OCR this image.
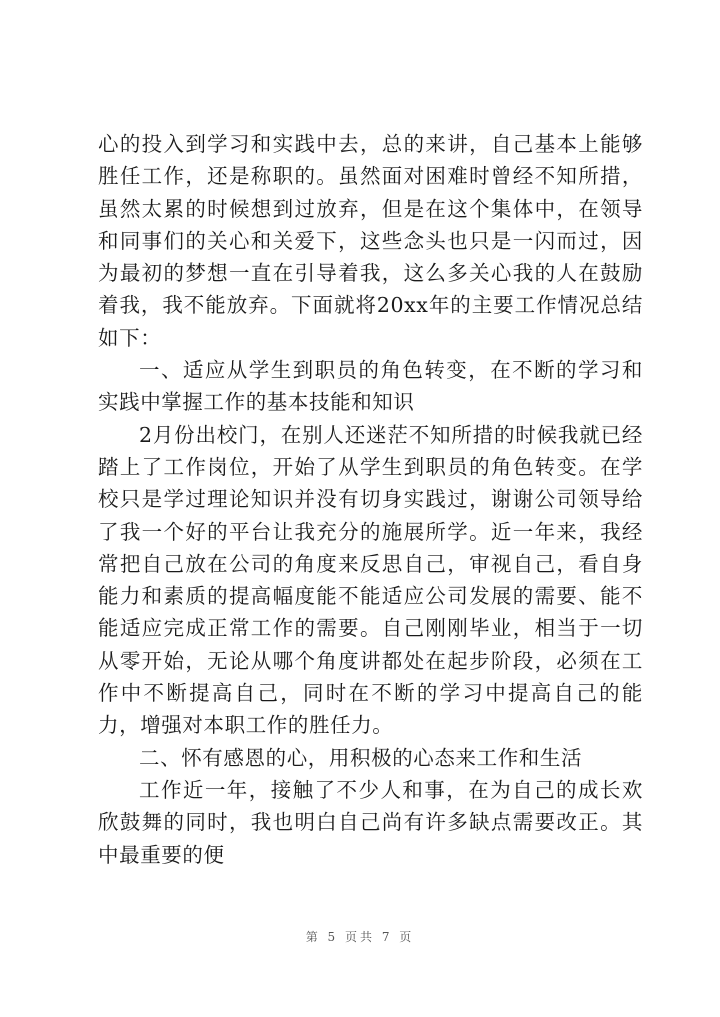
心的投入到学习和实践中去，总的来讲，自己基本上能够胜任工作，还是称职的。虽然面对困难时曾经不知所措，虽然太累的时候想到过放弃，但是在这个集体中，在领导和同事们的关心和关爱下，这些念头也只是一闪而过，因为最初的梦想一直在引导着我，这么多关心我的人在鼓励着我，我不能放弃。下面就将20xx年的主要工作情况总结如下：

一、适应从学生到职员的角色转变，在不断的学习和实践中掌握工作的基本技能和知识

2月份出校门，在别人还迷茫不知所措的时候我就已经踏上了工作岗位，开始了从学生到职员的角色转变。在学校只是学过理论知识并没有切身实践过，谢谢公司领导给了我一个好的平台让我充分的施展所学。近一年来，我经常把自己放在公司的角度来反思自己，审视自己，看自身能力和素质的提高幅度能不能适应公司发展的需要、能不能适应完成正常工作的需要。自己刚刚毕业，相当于一切从零开始，无论从哪个角度讲都处在起步阶段，必须在工作中不断提高自己，同时在不断的学习中提高自己的能力，增强对本职工作的胜任力。

二、怀有感恩的心，用积极的心态来工作和生活

工作近一年，接触了不少人和事，在为自己的成长欢欣鼓舞的同时，我也明白自己尚有许多缺点需要改正。其中最重要的便

第 5 页共 7 页
